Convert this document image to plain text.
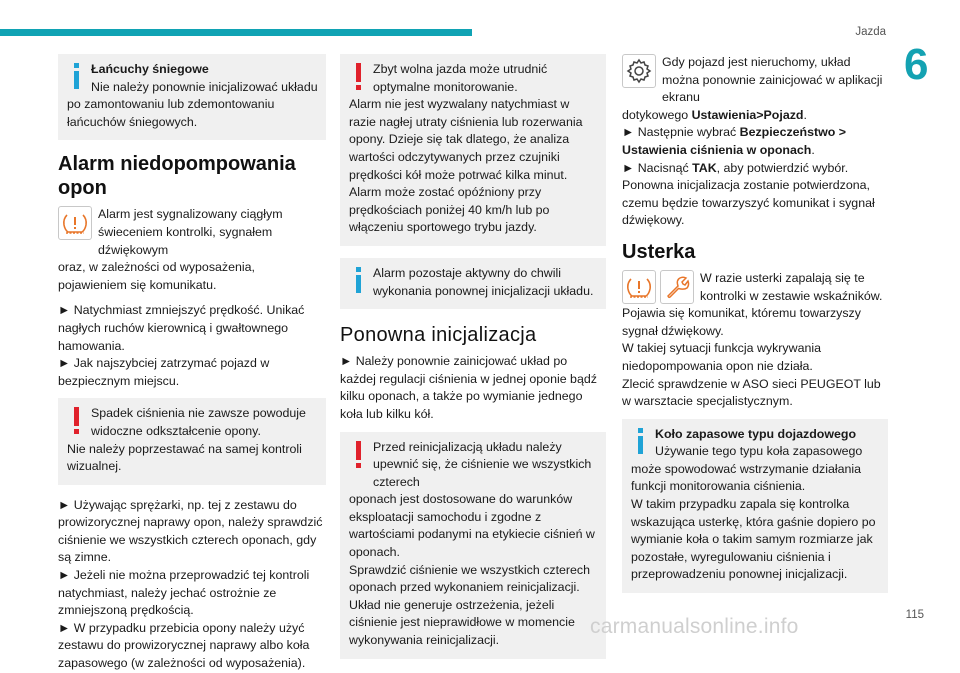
Jazda
6

Łańcuchy śniegowe

Nie należy ponownie inicjalizować układu

po zamontowaniu lub zdemontowaniu łańcuchów śniegowych.

Alarm niedopompowania opon

Alarm jest sygnalizowany ciągłym świeceniem kontrolki, sygnałem dźwiękowym

oraz, w zależności od wyposażenia, pojawieniem się komunikatu.

► Natychmiast zmniejszyć prędkość. Unikać nagłych ruchów kierownicą i gwałtownego hamowania.

► Jak najszybciej zatrzymać pojazd w bezpiecznym miejscu.

Spadek ciśnienia nie zawsze powoduje widoczne odkształcenie opony.

Nie należy poprzestawać na samej kontroli wizualnej.

► Używając sprężarki, np. tej z zestawu do prowizorycznej naprawy opon, należy sprawdzić ciśnienie we wszystkich czterech oponach, gdy są zimne.

► Jeżeli nie można przeprowadzić tej kontroli natychmiast, należy jechać ostrożnie ze zmniejszoną prędkością.

► W przypadku przebicia opony należy użyć zestawu do prowizorycznej naprawy albo koła zapasowego (w zależności od wyposażenia).

Zbyt wolna jazda może utrudnić optymalne monitorowanie.

Alarm nie jest wyzwalany natychmiast w razie nagłej utraty ciśnienia lub rozerwania opony. Dzieje się tak dlatego, że analiza wartości odczytywanych przez czujniki prędkości kół może potrwać kilka minut.
Alarm może zostać opóźniony przy prędkościach poniżej 40 km/h lub po włączeniu sportowego trybu jazdy.

Alarm pozostaje aktywny do chwili wykonania ponownej inicjalizacji układu.

Ponowna inicjalizacja

► Należy ponownie zainicjować układ po każdej regulacji ciśnienia w jednej oponie bądź kilku oponach, a także po wymianie jednego koła lub kilku kół.

Przed reinicjalizacją układu należy upewnić się, że ciśnienie we wszystkich czterech

oponach jest dostosowane do warunków eksploatacji samochodu i zgodne z wartościami podanymi na etykiecie ciśnień w oponach.
Sprawdzić ciśnienie we wszystkich czterech oponach przed wykonaniem reinicjalizacji.
Układ nie generuje ostrzeżenia, jeżeli ciśnienie jest nieprawidłowe w momencie wykonywania reinicjalizacji.

Gdy pojazd jest nieruchomy, układ można ponownie zainicjować w aplikacji ekranu

dotykowego Ustawienia>Pojazd.

► Następnie wybrać Bezpieczeństwo > Ustawienia ciśnienia w oponach.

► Nacisnąć TAK, aby potwierdzić wybór.

Ponowna inicjalizacja zostanie potwierdzona, czemu będzie towarzyszyć komunikat i sygnał dźwiękowy.

Usterka

W razie usterki zapalają się te kontrolki w zestawie wskaźników.

Pojawia się komunikat, któremu towarzyszy sygnał dźwiękowy.
W takiej sytuacji funkcja wykrywania niedopompowania opon nie działa.
Zlecić sprawdzenie w ASO sieci PEUGEOT lub w warsztacie specjalistycznym.

Koło zapasowe typu dojazdowego

Używanie tego typu koła zapasowego

może spowodować wstrzymanie działania funkcji monitorowania ciśnienia.
W takim przypadku zapala się kontrolka wskazująca usterkę, która gaśnie dopiero po wymianie koła o takim samym rozmiarze jak pozostałe, wyregulowaniu ciśnienia i przeprowadzeniu ponownej inicjalizacji.

carmanualsonline.info	115
